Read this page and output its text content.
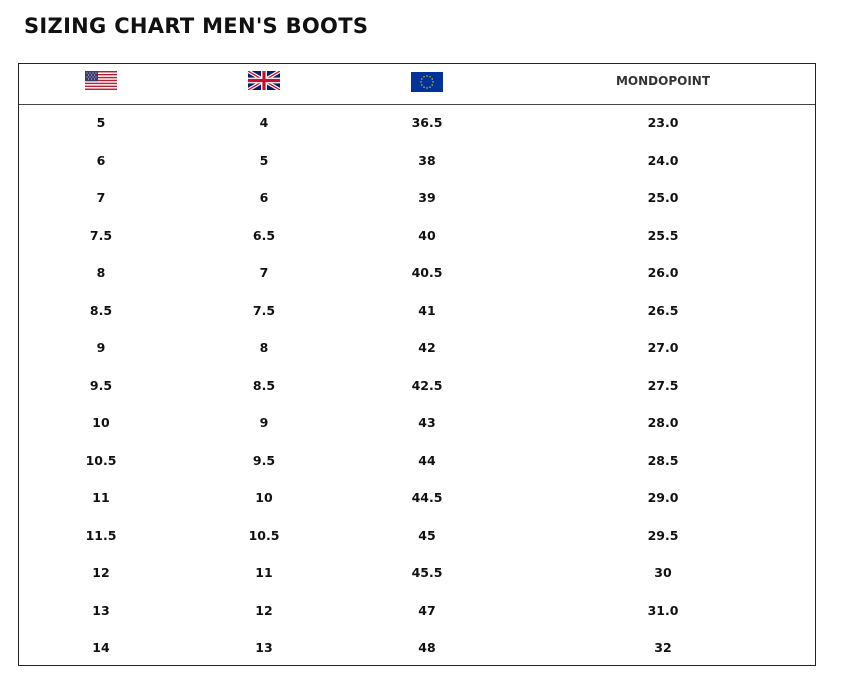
SIZING CHART MEN'S BOOTS
MONDOPOINT
5	4	36.5	23.0
6	5	38	24.0
7	6	39	25.0
7.5	6.5	40	25.5
8	7	40.5	26.0
8.5	7.5	41	26.5
9	8	42	27.0
9.5	8.5	42.5	27.5
10	9	43	28.0
10.5	9.5	44	28.5
11	10	44.5	29.0
11.5	10.5	45	29.5
12	11	45.5	30
13	12	47	31.0
14	13	48	32
